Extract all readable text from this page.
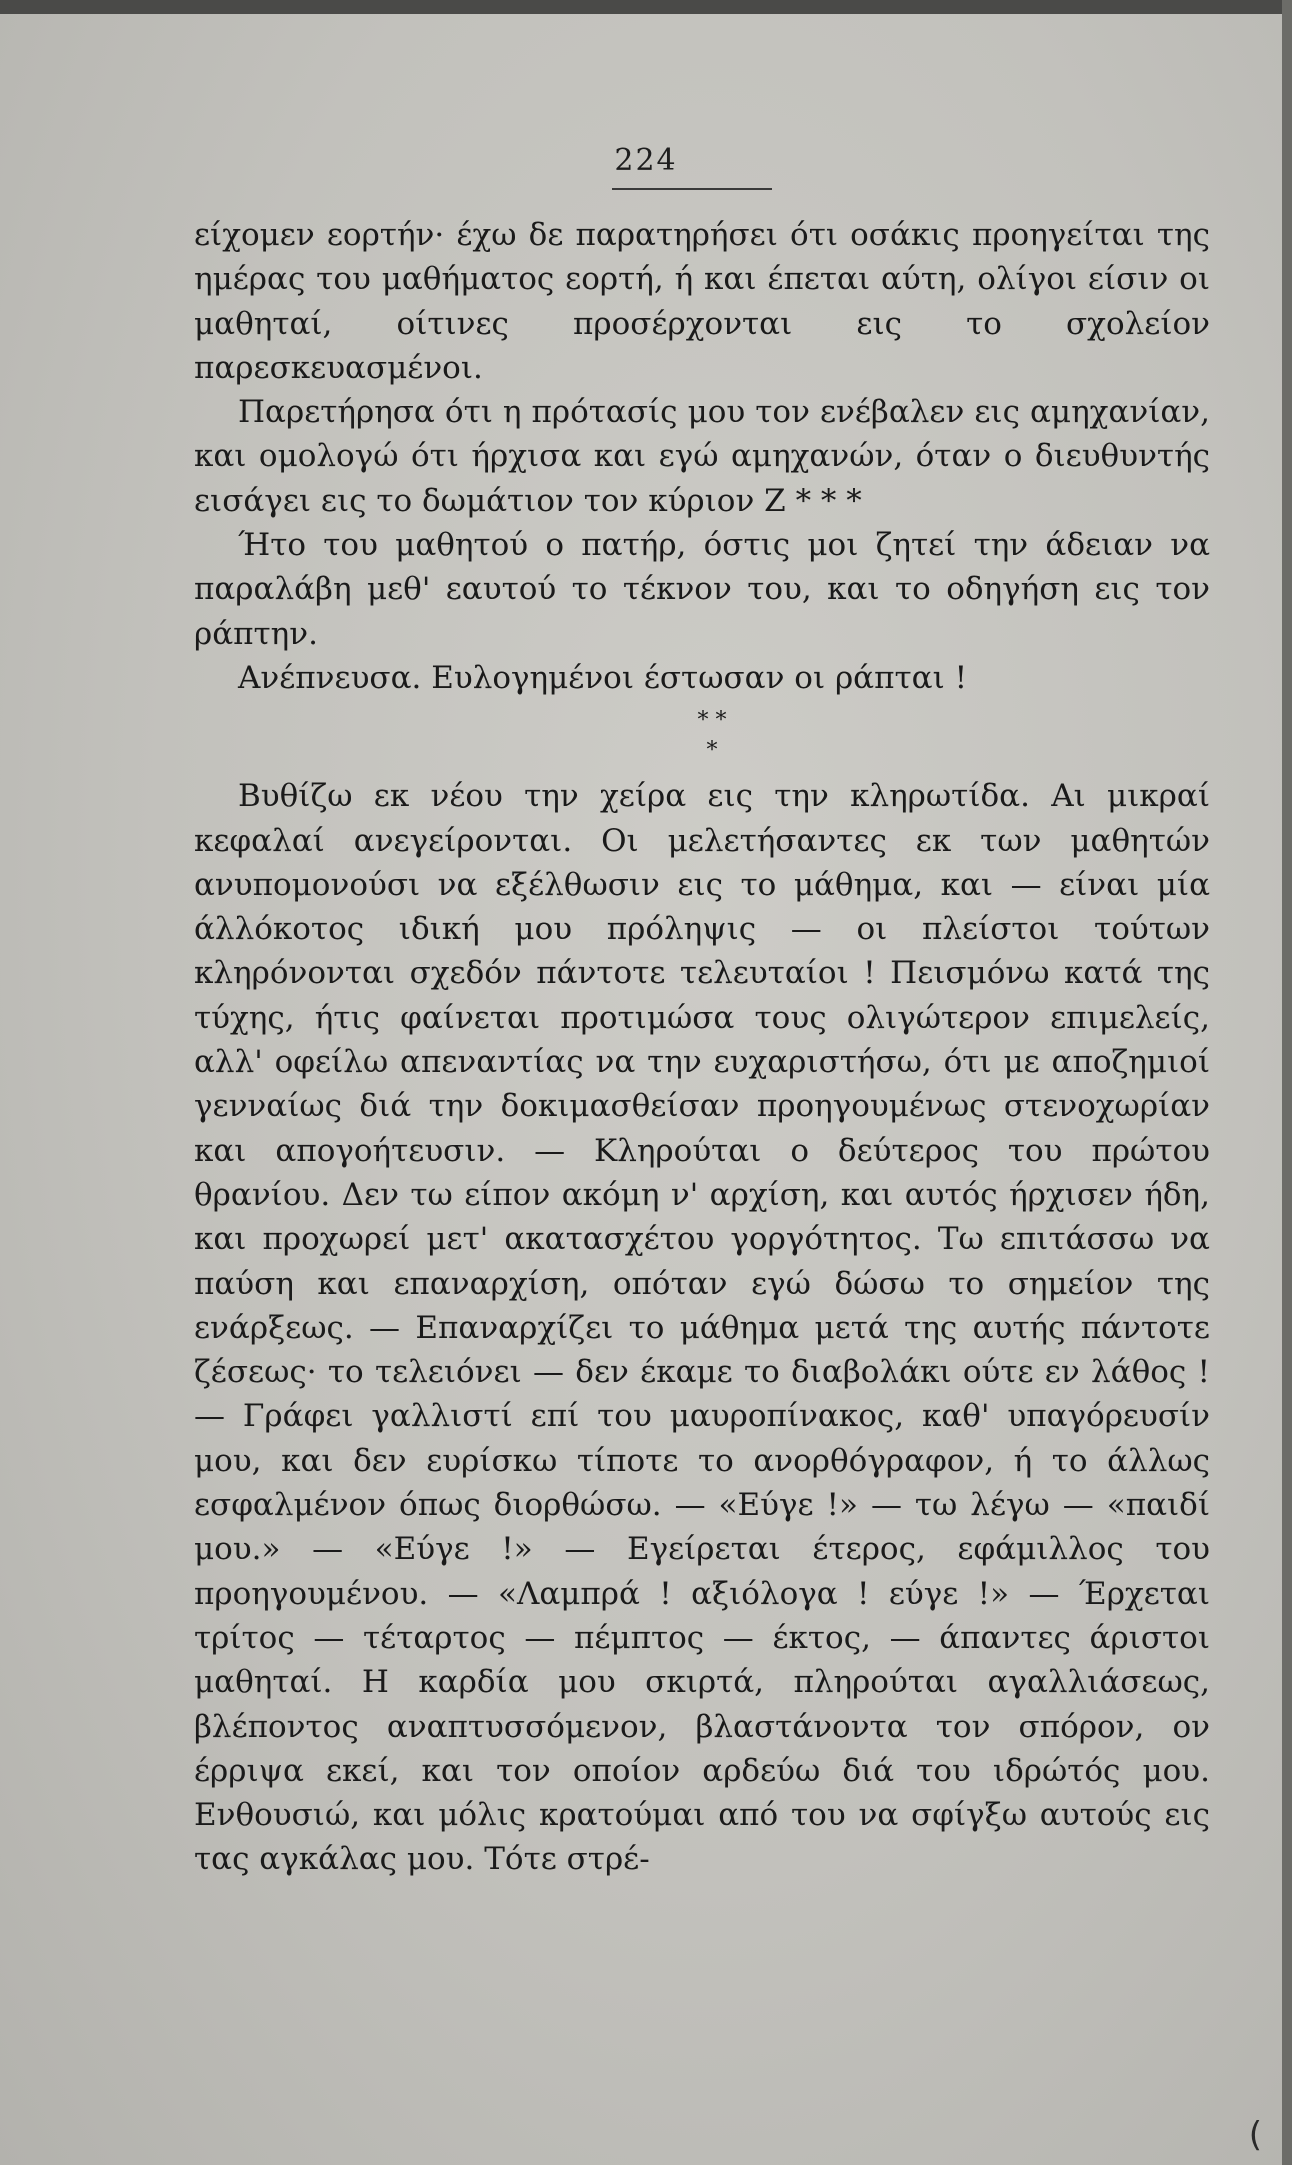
224

είχομεν εορτήν· έχω δε παρατηρήσει ότι οσάκις προηγείται της ημέρας του μαθήματος εορτή, ή και έπεται αύτη, ολίγοι είσιν οι μαθηταί, οίτινες προσέρχονται εις το σχολείον παρεσκευασμένοι.

Παρετήρησα ότι η πρότασίς μου τον ενέβαλεν εις αμηχανίαν, και ομολογώ ότι ήρχισα και εγώ αμηχανών, όταν ο διευθυντής εισάγει εις το δωμάτιον τον κύριον Ζ * * *

Ήτο του μαθητού ο πατήρ, όστις μοι ζητεί την άδειαν να παραλάβη μεθ' εαυτού το τέκνον του, και το οδηγήση εις τον ράπτην.

Ανέπνευσα. Ευλογημένοι έστωσαν οι ράπται !

* *
*

Βυθίζω εκ νέου την χείρα εις την κληρωτίδα. Αι μικραί κεφαλαί ανεγείρονται. Οι μελετήσαντες εκ των μαθητών ανυπομονούσι να εξέλθωσιν εις το μάθημα, και — είναι μία άλλόκοτος ιδική μου πρόληψις — οι πλείστοι τούτων κληρόνονται σχεδόν πάντοτε τελευταίοι ! Πεισμόνω κατά της τύχης, ήτις φαίνεται προτιμώσα τους ολιγώτερον επιμελείς, αλλ' οφείλω απεναντίας να την ευχαριστήσω, ότι με αποζημιοί γενναίως διά την δοκιμασθείσαν προηγουμένως στενοχωρίαν και απογοήτευσιν. — Κληρούται ο δεύτερος του πρώτου θρανίου. Δεν τω είπον ακόμη ν' αρχίση, και αυτός ήρχισεν ήδη, και προχωρεί μετ' ακατασχέτου γοργότητος. Τω επιτάσσω να παύση και επαναρχίση, οπόταν εγώ δώσω το σημείον της ενάρξεως. — Επαναρχίζει το μάθημα μετά της αυτής πάντοτε ζέσεως· το τελειόνει — δεν έκαμε το διαβολάκι ούτε εν λάθος ! — Γράφει γαλλιστί επί του μαυροπίνακος, καθ' υπαγόρευσίν μου, και δεν ευρίσκω τίποτε το ανορθόγραφον, ή το άλλως εσφαλμένον όπως διορθώσω. — «Εύγε !» — τω λέγω — «παιδί μου.» — «Εύγε !» — Εγείρεται έτερος, εφάμιλλος του προηγουμένου. — «Λαμπρά ! αξιόλογα ! εύγε !» — Έρχεται τρίτος — τέταρτος — πέμπτος — έκτος, — άπαντες άριστοι μαθηταί. Η καρδία μου σκιρτά, πληρούται αγαλλιάσεως, βλέποντος αναπτυσσόμενον, βλαστάνοντα τον σπόρον, ον έρριψα εκεί, και τον οποίον αρδεύω διά του ιδρώτός μου. Ενθουσιώ, και μόλις κρατούμαι από του να σφίγξω αυτούς εις τας αγκάλας μου. Τότε στρέ-

(
